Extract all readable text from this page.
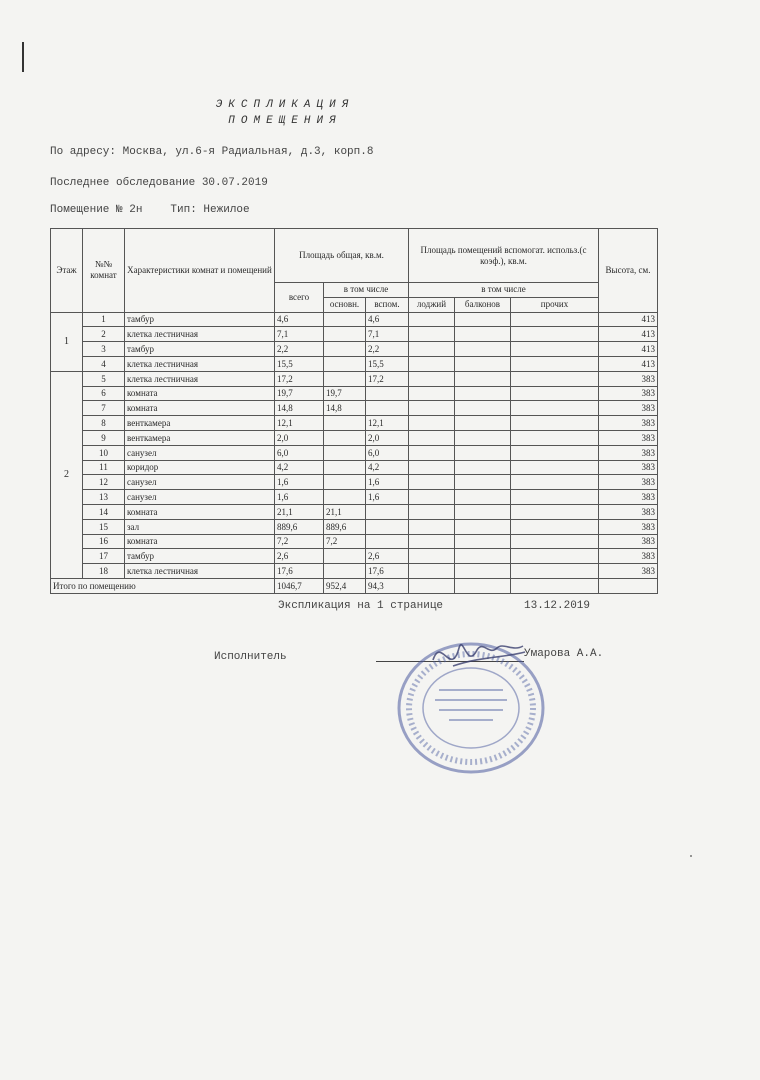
ЭКСПЛИКАЦИЯ
ПОМЕЩЕНИЯ
По адресу: Москва, ул.6-я Радиальная, д.3, корп.8
Последнее обследование 30.07.2019
Помещение № 2н	Тип: Нежилое
Этаж	№№ комнат	Характеристики комнат и помещений	Площадь общая, кв.м.			Площадь помещений вспомогат. использ.(с коэф.), кв.м.			Высота, см.
			всего	в том числе		в том числе			
				основн.	вспом.	лоджий	балконов	прочих	
1	1	тамбур	4,6		4,6				413
	2	клетка лестничная	7,1		7,1				413
	3	тамбур	2,2		2,2				413
	4	клетка лестничная	15,5		15,5				413
2	5	клетка лестничная	17,2		17,2				383
	6	комната	19,7	19,7					383
	7	комната	14,8	14,8					383
	8	венткамера	12,1		12,1				383
	9	венткамера	2,0		2,0				383
	10	санузел	6,0		6,0				383
	11	коридор	4,2		4,2				383
	12	санузел	1,6		1,6				383
	13	санузел	1,6		1,6				383
	14	комната	21,1	21,1					383
	15	зал	889,6	889,6					383
	16	комната	7,2	7,2					383
	17	тамбур	2,6		2,6				383
	18	клетка лестничная	17,6		17,6				383
Итого по помещению			1046,7	952,4	94,3				
Экспликация на 1 странице	13.12.2019
Исполнитель	Умарова А.А.
